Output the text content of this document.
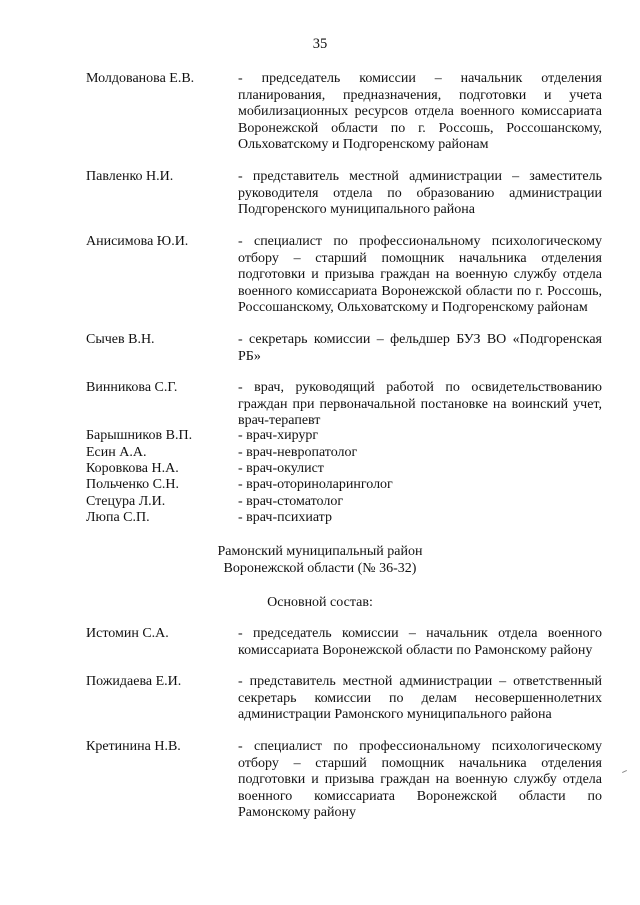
35
Молдованова Е.В.	- председатель комиссии – начальник отделения планирования, предназначения, подготовки и учета мобилизационных ресурсов отдела военного комиссариата Воронежской области по г. Россошь, Россошанскому, Ольховатскому и Подгоренскому районам
Павленко Н.И.	- представитель местной администрации – заместитель руководителя отдела по образованию администрации Подгоренского муниципального района
Анисимова Ю.И.	- специалист по профессиональному психологическому отбору – старший помощник начальника отделения подготовки и призыва граждан на военную службу отдела военного комиссариата Воронежской области по г. Россошь, Россошанскому, Ольховатскому и Подгоренскому районам
Сычев В.Н.	- секретарь комиссии – фельдшер БУЗ ВО «Подгоренская РБ»
Винникова С.Г.	- врач, руководящий работой по освидетельствованию граждан при первоначальной постановке на воинский учет, врач-терапевт
Барышников В.П.	- врач-хирург
Есин А.А.	- врач-невропатолог
Коровкова Н.А.	- врач-окулист
Польченко С.Н.	- врач-оториноларинголог
Стецура Л.И.	- врач-стоматолог
Люпа С.П.	- врач-психиатр
Рамонский муниципальный район
Воронежской области (№ 36-32)
Основной состав:
Истомин С.А.	- председатель комиссии – начальник отдела военного комиссариата Воронежской области по Рамонскому району
Пожидаева Е.И.	- представитель местной администрации – ответственный секретарь комиссии по делам несовершеннолетних администрации Рамонского муниципального района
Кретинина Н.В.	- специалист по профессиональному психологическому отбору – старший помощник начальника отделения подготовки и призыва граждан на военную службу отдела военного комиссариата Воронежской области по Рамонскому району
